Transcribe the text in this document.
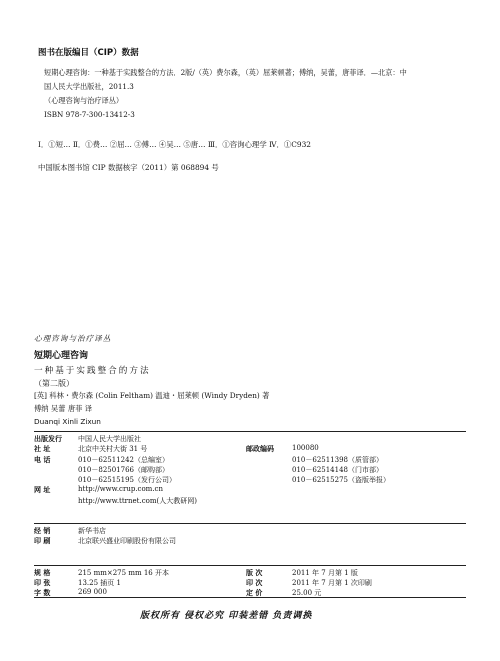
图书在版编目（CIP）数据
短期心理咨询：一种基于实践整合的方法．2版/（英）费尔森，（英）屈莱顿著；傅纳，吴蕾，唐菲译．—北京：中
国人民大学出版社，2011.3
（心理咨询与治疗译丛）
ISBN 978-7-300-13412-3
Ⅰ．①短… Ⅱ．①费… ②屈… ③傅… ④吴… ⑤唐… Ⅲ．①咨询心理学 Ⅳ．①C932
中国版本图书馆 CIP 数据核字（2011）第 068894 号
心理咨询与治疗译丛
短期心理咨询
一种基于实践整合的方法
（第二版）
[英] 科林・费尔森 (Colin Feltham) 温迪・屈莱顿 (Windy Dryden) 著
傅纳 吴蕾 唐菲 译
Duanqi Xinli Zixun
出版发行	中国人民大学出版社		
社 址	北京中关村大街 31 号	邮政编码	100080
电 话	010－62511242（总编室）		010－62511398（质管部）
	010－82501766（邮购部）		010－62514148（门市部）
	010－62515195（发行公司）		010－62515275（盗版举报）
网 址	http://www.crup.com.cn		
	http://www.ttrnet.com(人大教研网)		
经 销	新华书店
印 刷	北京联兴盛业印刷股份有限公司
规 格	215 mm×275 mm 16 开本	版 次	2011 年 7 月第 1 版
印 张	13.25 插页 1	印 次	2011 年 7 月第 1 次印刷
字 数	269 000	定 价	25.00 元
版权所有 侵权必究 印装差错 负责调换
